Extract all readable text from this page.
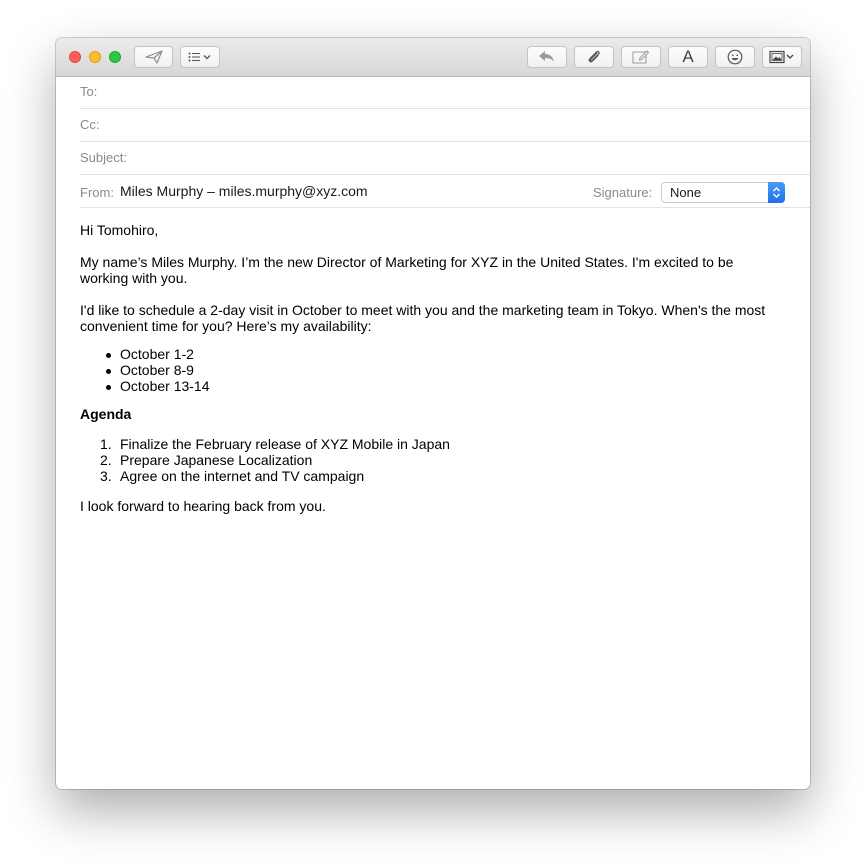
A
To:
Cc:
Subject:
From: Miles Murphy – miles.murphy@xyz.com	Signature: None

Hi Tomohiro,

My name’s Miles Murphy. I’m the new Director of Marketing for XYZ in the United States. I'm excited to be working with you.

I'd like to schedule a 2-day visit in October to meet with you and the marketing team in Tokyo. When's the most convenient time for you? Here’s my availability:

October 1-2
October 8-9
October 13-14

Agenda

1. Finalize the February release of XYZ Mobile in Japan
2. Prepare Japanese Localization
3. Agree on the internet and TV campaign

I look forward to hearing back from you.
